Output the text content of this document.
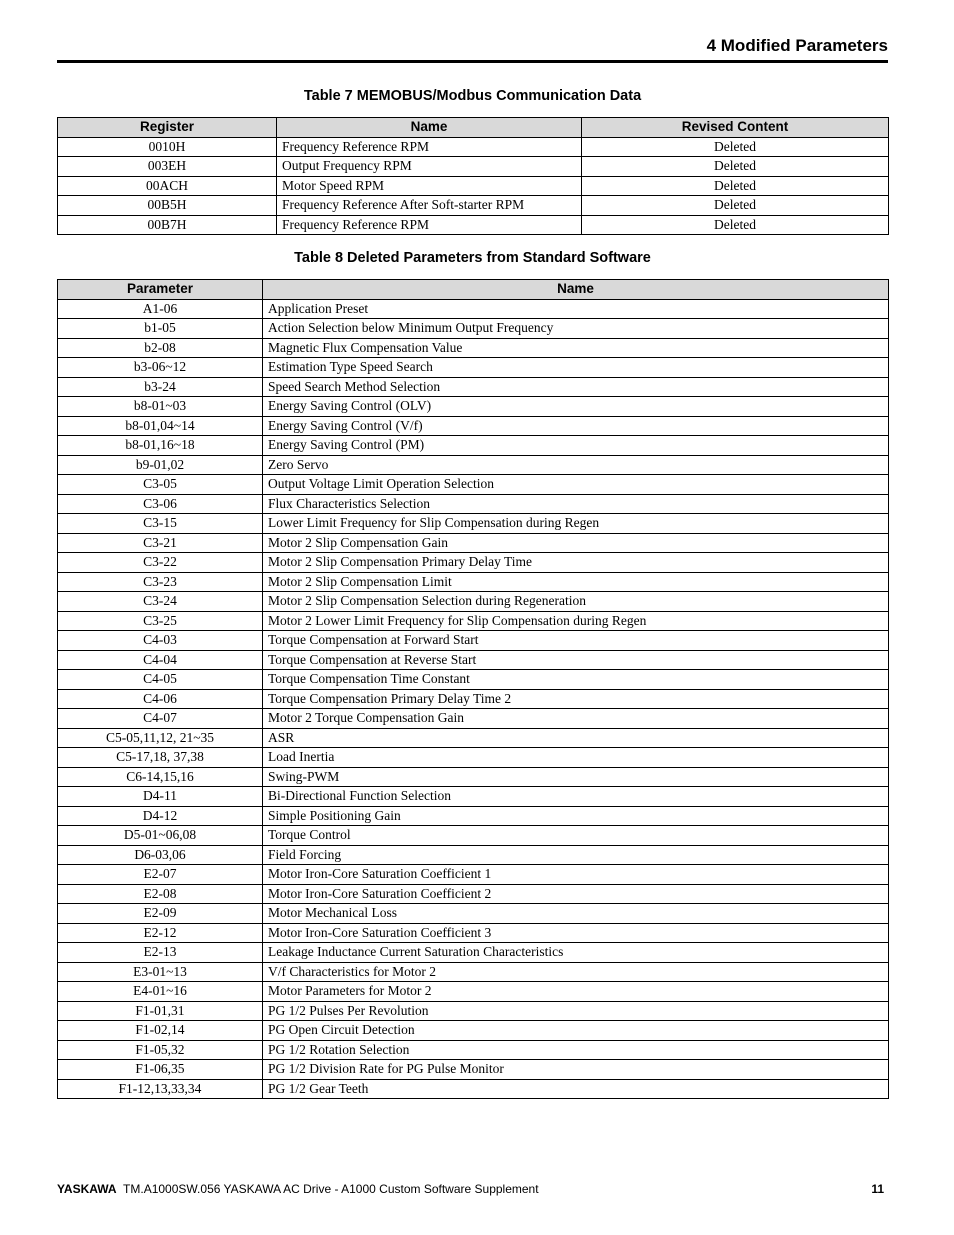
4 Modified Parameters
Table 7 MEMOBUS/Modbus Communication Data
Register	Name	Revised Content
0010H	Frequency Reference RPM	Deleted
003EH	Output Frequency RPM	Deleted
00ACH	Motor Speed RPM	Deleted
00B5H	Frequency Reference After Soft-starter RPM	Deleted
00B7H	Frequency Reference RPM	Deleted
Table 8 Deleted Parameters from Standard Software
Parameter	Name
A1-06	Application Preset
b1-05	Action Selection below Minimum Output Frequency
b2-08	Magnetic Flux Compensation Value
b3-06~12	Estimation Type Speed Search
b3-24	Speed Search Method Selection
b8-01~03	Energy Saving Control (OLV)
b8-01,04~14	Energy Saving Control (V/f)
b8-01,16~18	Energy Saving Control (PM)
b9-01,02	Zero Servo
C3-05	Output Voltage Limit Operation Selection
C3-06	Flux Characteristics Selection
C3-15	Lower Limit Frequency for Slip Compensation during Regen
C3-21	Motor 2 Slip Compensation Gain
C3-22	Motor 2 Slip Compensation Primary Delay Time
C3-23	Motor 2 Slip Compensation Limit
C3-24	Motor 2 Slip Compensation Selection during Regeneration
C3-25	Motor 2 Lower Limit Frequency for Slip Compensation during Regen
C4-03	Torque Compensation at Forward Start
C4-04	Torque Compensation at Reverse Start
C4-05	Torque Compensation Time Constant
C4-06	Torque Compensation Primary Delay Time 2
C4-07	Motor 2 Torque Compensation Gain
C5-05,11,12, 21~35	ASR
C5-17,18, 37,38	Load Inertia
C6-14,15,16	Swing-PWM
D4-11	Bi-Directional Function Selection
D4-12	Simple Positioning Gain
D5-01~06,08	Torque Control
D6-03,06	Field Forcing
E2-07	Motor Iron-Core Saturation Coefficient 1
E2-08	Motor Iron-Core Saturation Coefficient 2
E2-09	Motor Mechanical Loss
E2-12	Motor Iron-Core Saturation Coefficient 3
E2-13	Leakage Inductance Current Saturation Characteristics
E3-01~13	V/f Characteristics for Motor 2
E4-01~16	Motor Parameters for Motor 2
F1-01,31	PG 1/2 Pulses Per Revolution
F1-02,14	PG Open Circuit Detection
F1-05,32	PG 1/2 Rotation Selection
F1-06,35	PG 1/2 Division Rate for PG Pulse Monitor
F1-12,13,33,34	PG 1/2 Gear Teeth
YASKAWA TM.A1000SW.056 YASKAWA AC Drive - A1000 Custom Software Supplement	11
